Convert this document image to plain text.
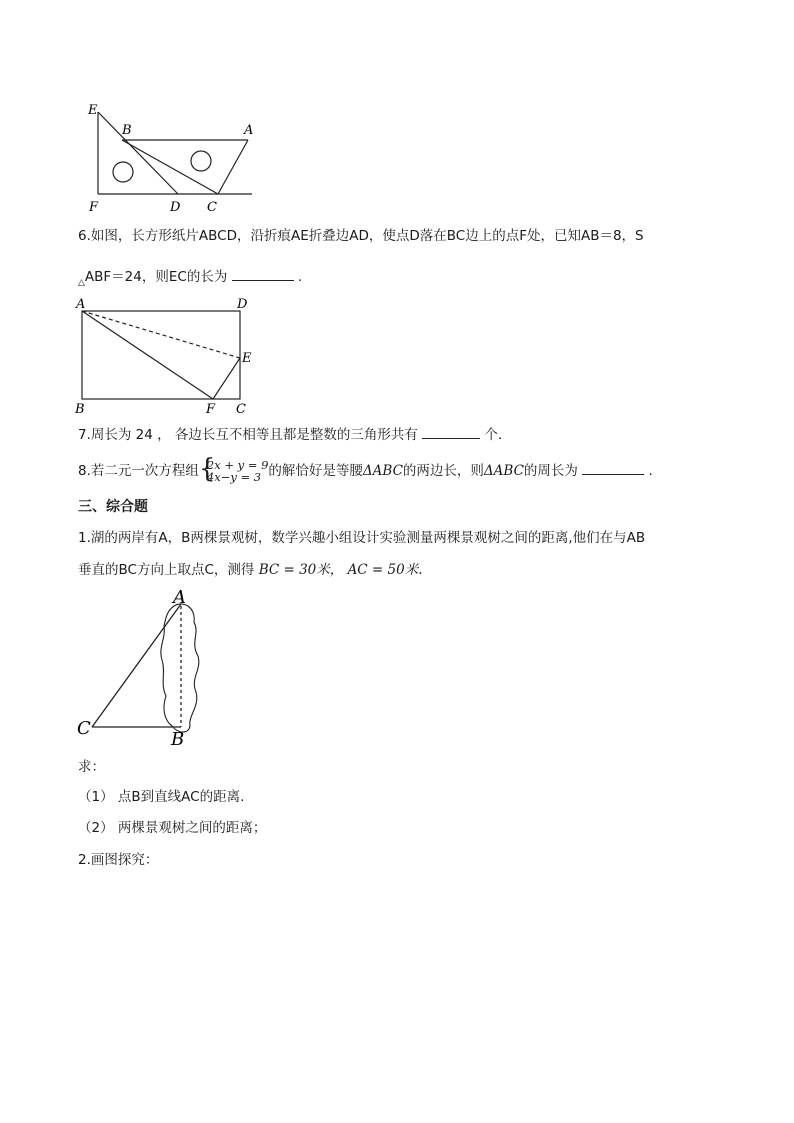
E
B	A
F	D C
6.如图，长方形纸片ABCD，沿折痕AE折叠边AD，使点D落在BC边上的点F处，已知AB＝8，S
$_\triangle$ABF＝24，则EC的长为	.
A	D
E
B	F C
7.周长为 24 ， 各边长互不相等且都是整数的三角形共有	个．
8.若二元一次方程组 {
2x + y = 9
4x−y = 3 的解恰好是等腰ΔABC的两边长，则ΔABC的周长为	.
三、综合题
1.湖的两岸有A，B两棵景观树，数学兴趣小组设计实验测量两棵景观树之间的距离,他们在与AB
垂直的BC方向上取点C，测得 BC = 30米， AC = 50米.
A
C
B
求：
（1） 点B到直线AC的距离.
（2） 两棵景观树之间的距离；
2.画图探究：
